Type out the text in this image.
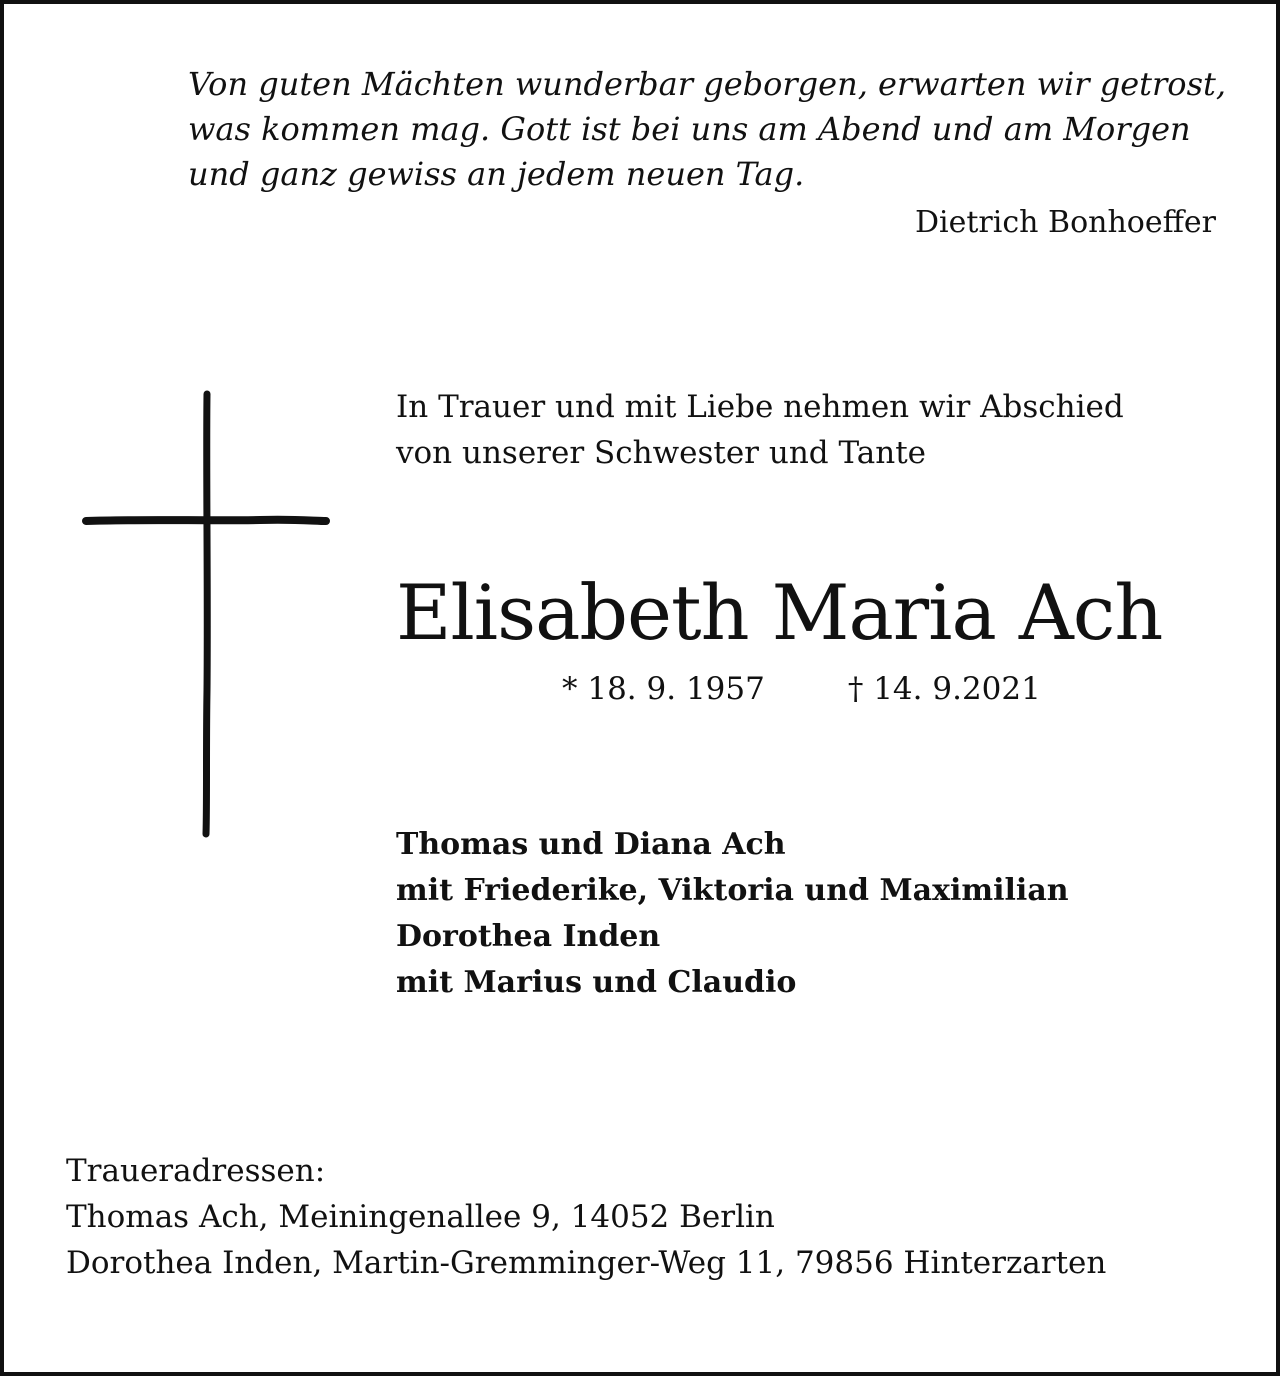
Von guten Mächten wunderbar geborgen, erwarten wir getrost,
was kommen mag. Gott ist bei uns am Abend und am Morgen
und ganz gewiss an jedem neuen Tag.
Dietrich Bonhoeffer
In Trauer und mit Liebe nehmen wir Abschied
von unserer Schwester und Tante
Elisabeth Maria Ach
* 18. 9. 1957	† 14. 9.2021
Thomas und Diana Ach
mit Friederike, Viktoria und Maximilian
Dorothea Inden
mit Marius und Claudio
Traueradressen:
Thomas Ach, Meiningenallee 9, 14052 Berlin
Dorothea Inden, Martin-Gremminger-Weg 11, 79856 Hinterzarten
